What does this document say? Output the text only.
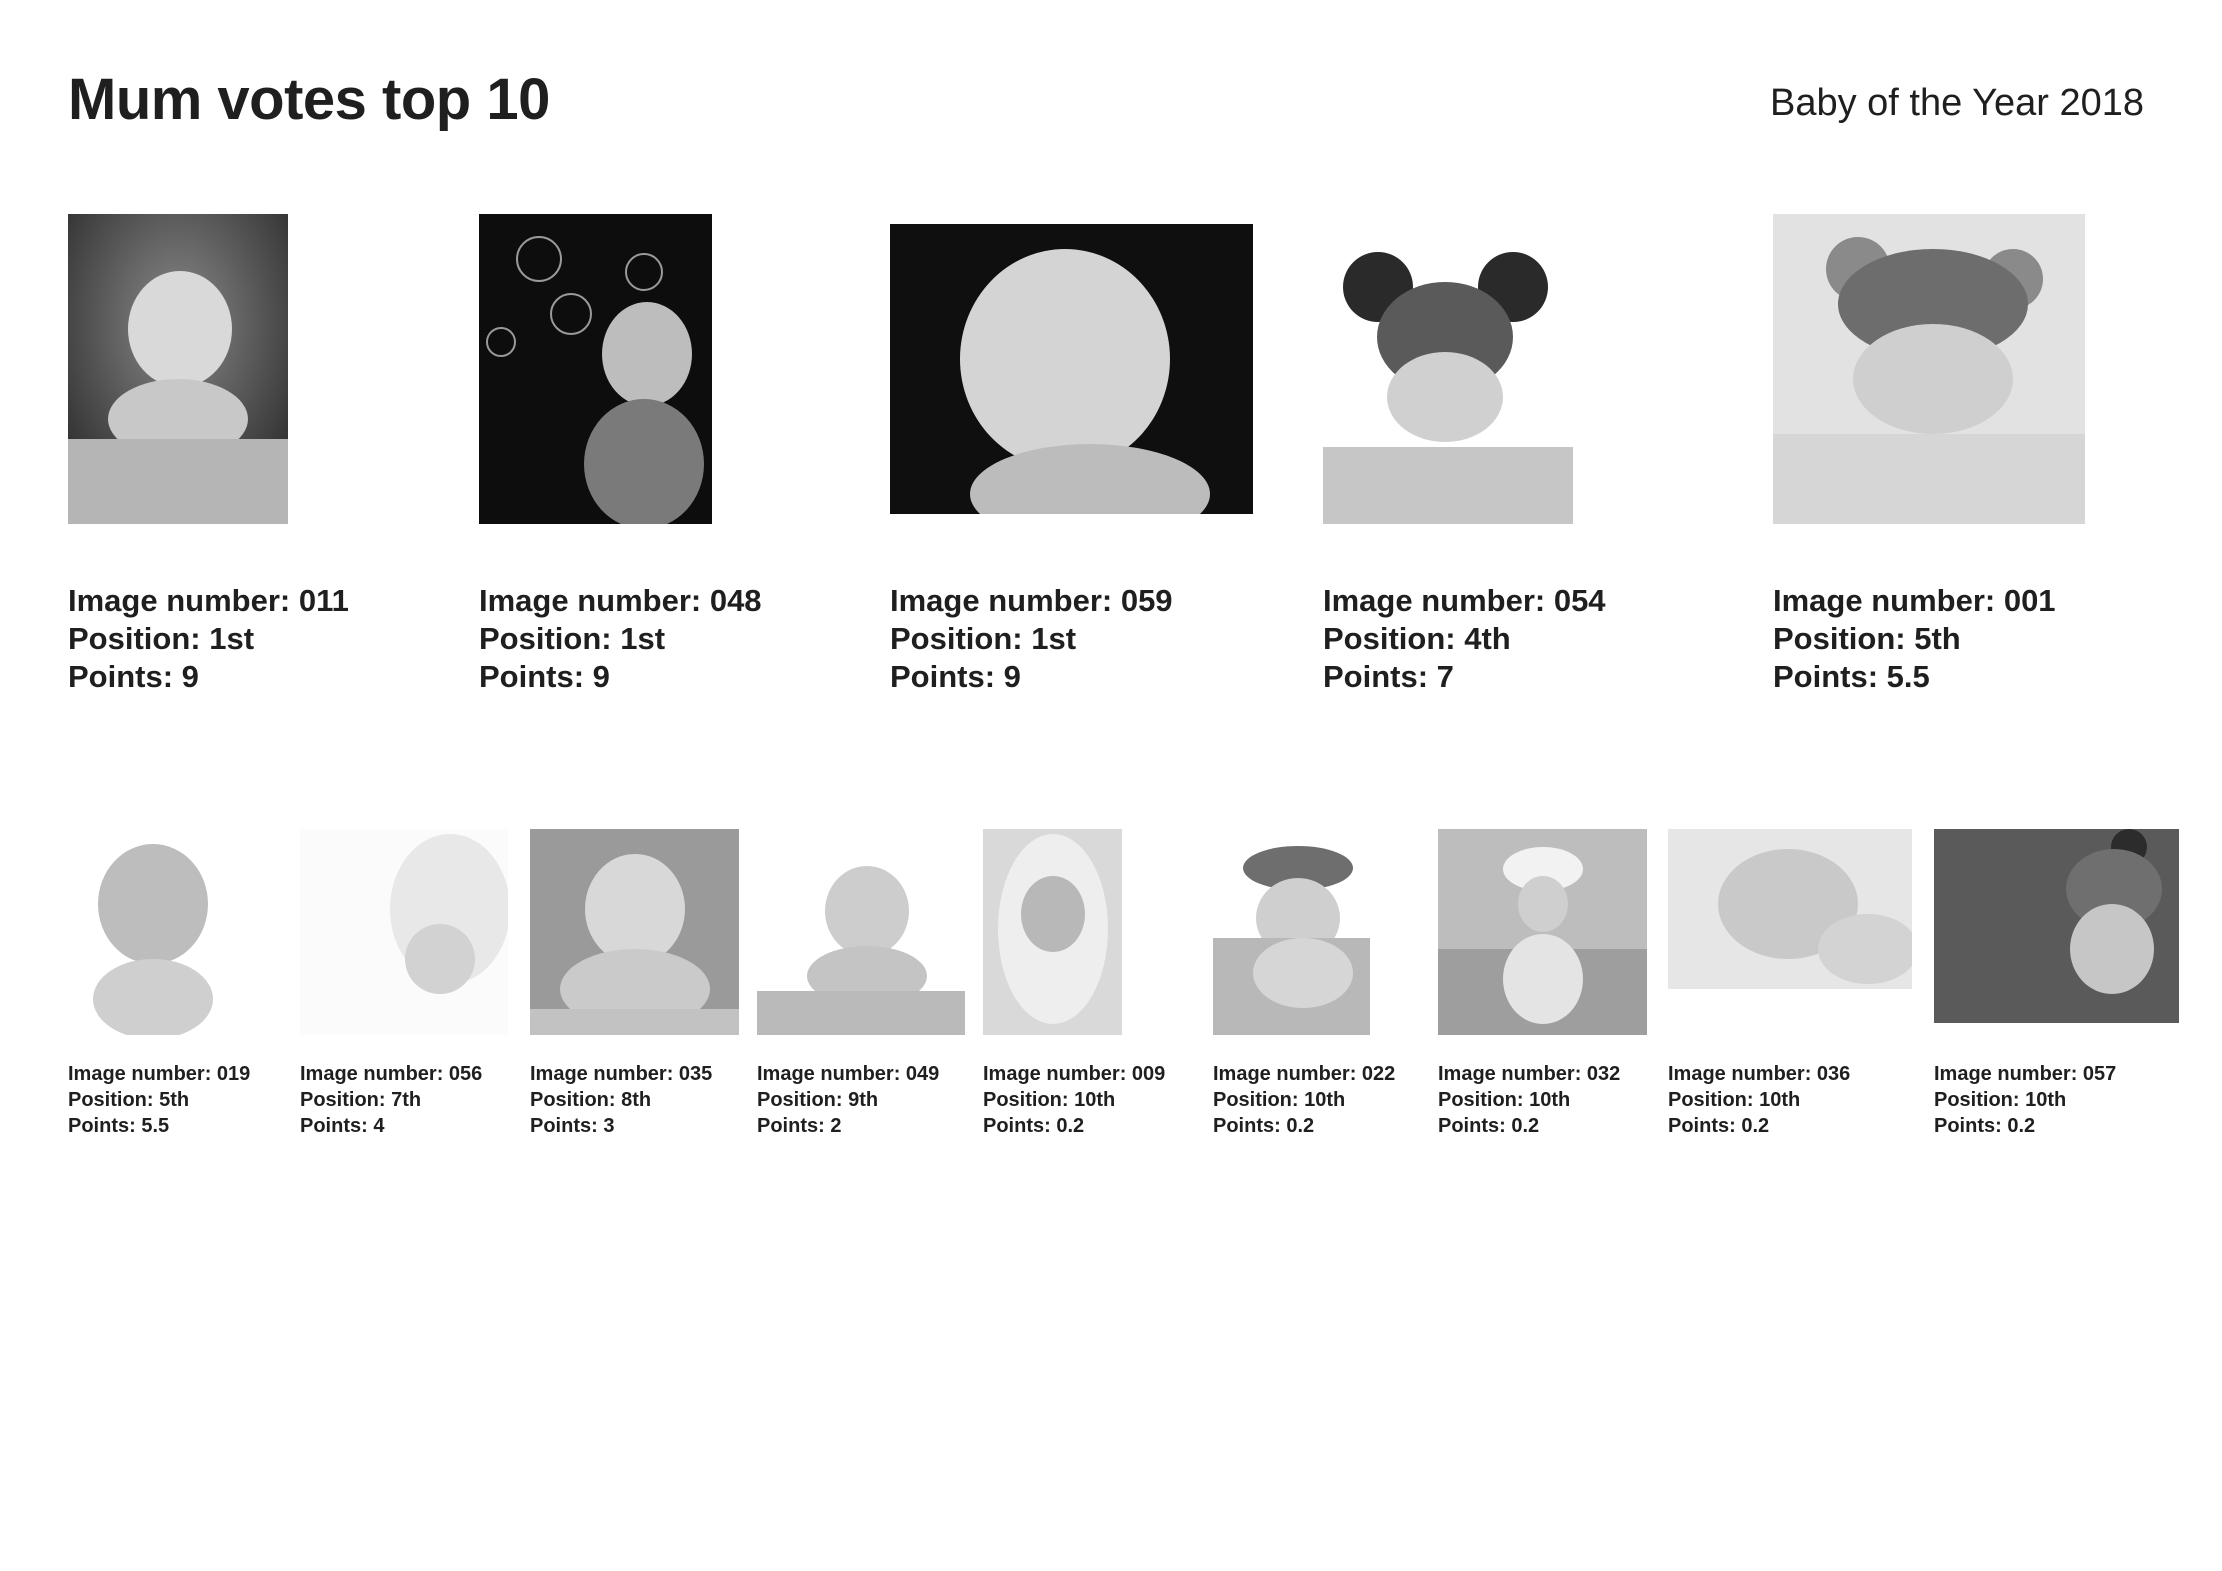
Mum votes top 10	Baby of the Year 2018
Image number: 011
Position: 1st
Points: 9
Image number: 048
Position: 1st
Points: 9
Image number: 059
Position: 1st
Points: 9
Image number: 054
Position: 4th
Points: 7
Image number: 001
Position: 5th
Points: 5.5
Image number: 019
Position: 5th
Points: 5.5
Image number: 056
Position: 7th
Points: 4
Image number: 035
Position: 8th
Points: 3
Image number: 049
Position: 9th
Points: 2
Image number: 009
Position: 10th
Points: 0.2
Image number: 022
Position: 10th
Points: 0.2
Image number: 032
Position: 10th
Points: 0.2
Image number: 036
Position: 10th
Points: 0.2
Image number: 057
Position: 10th
Points: 0.2
